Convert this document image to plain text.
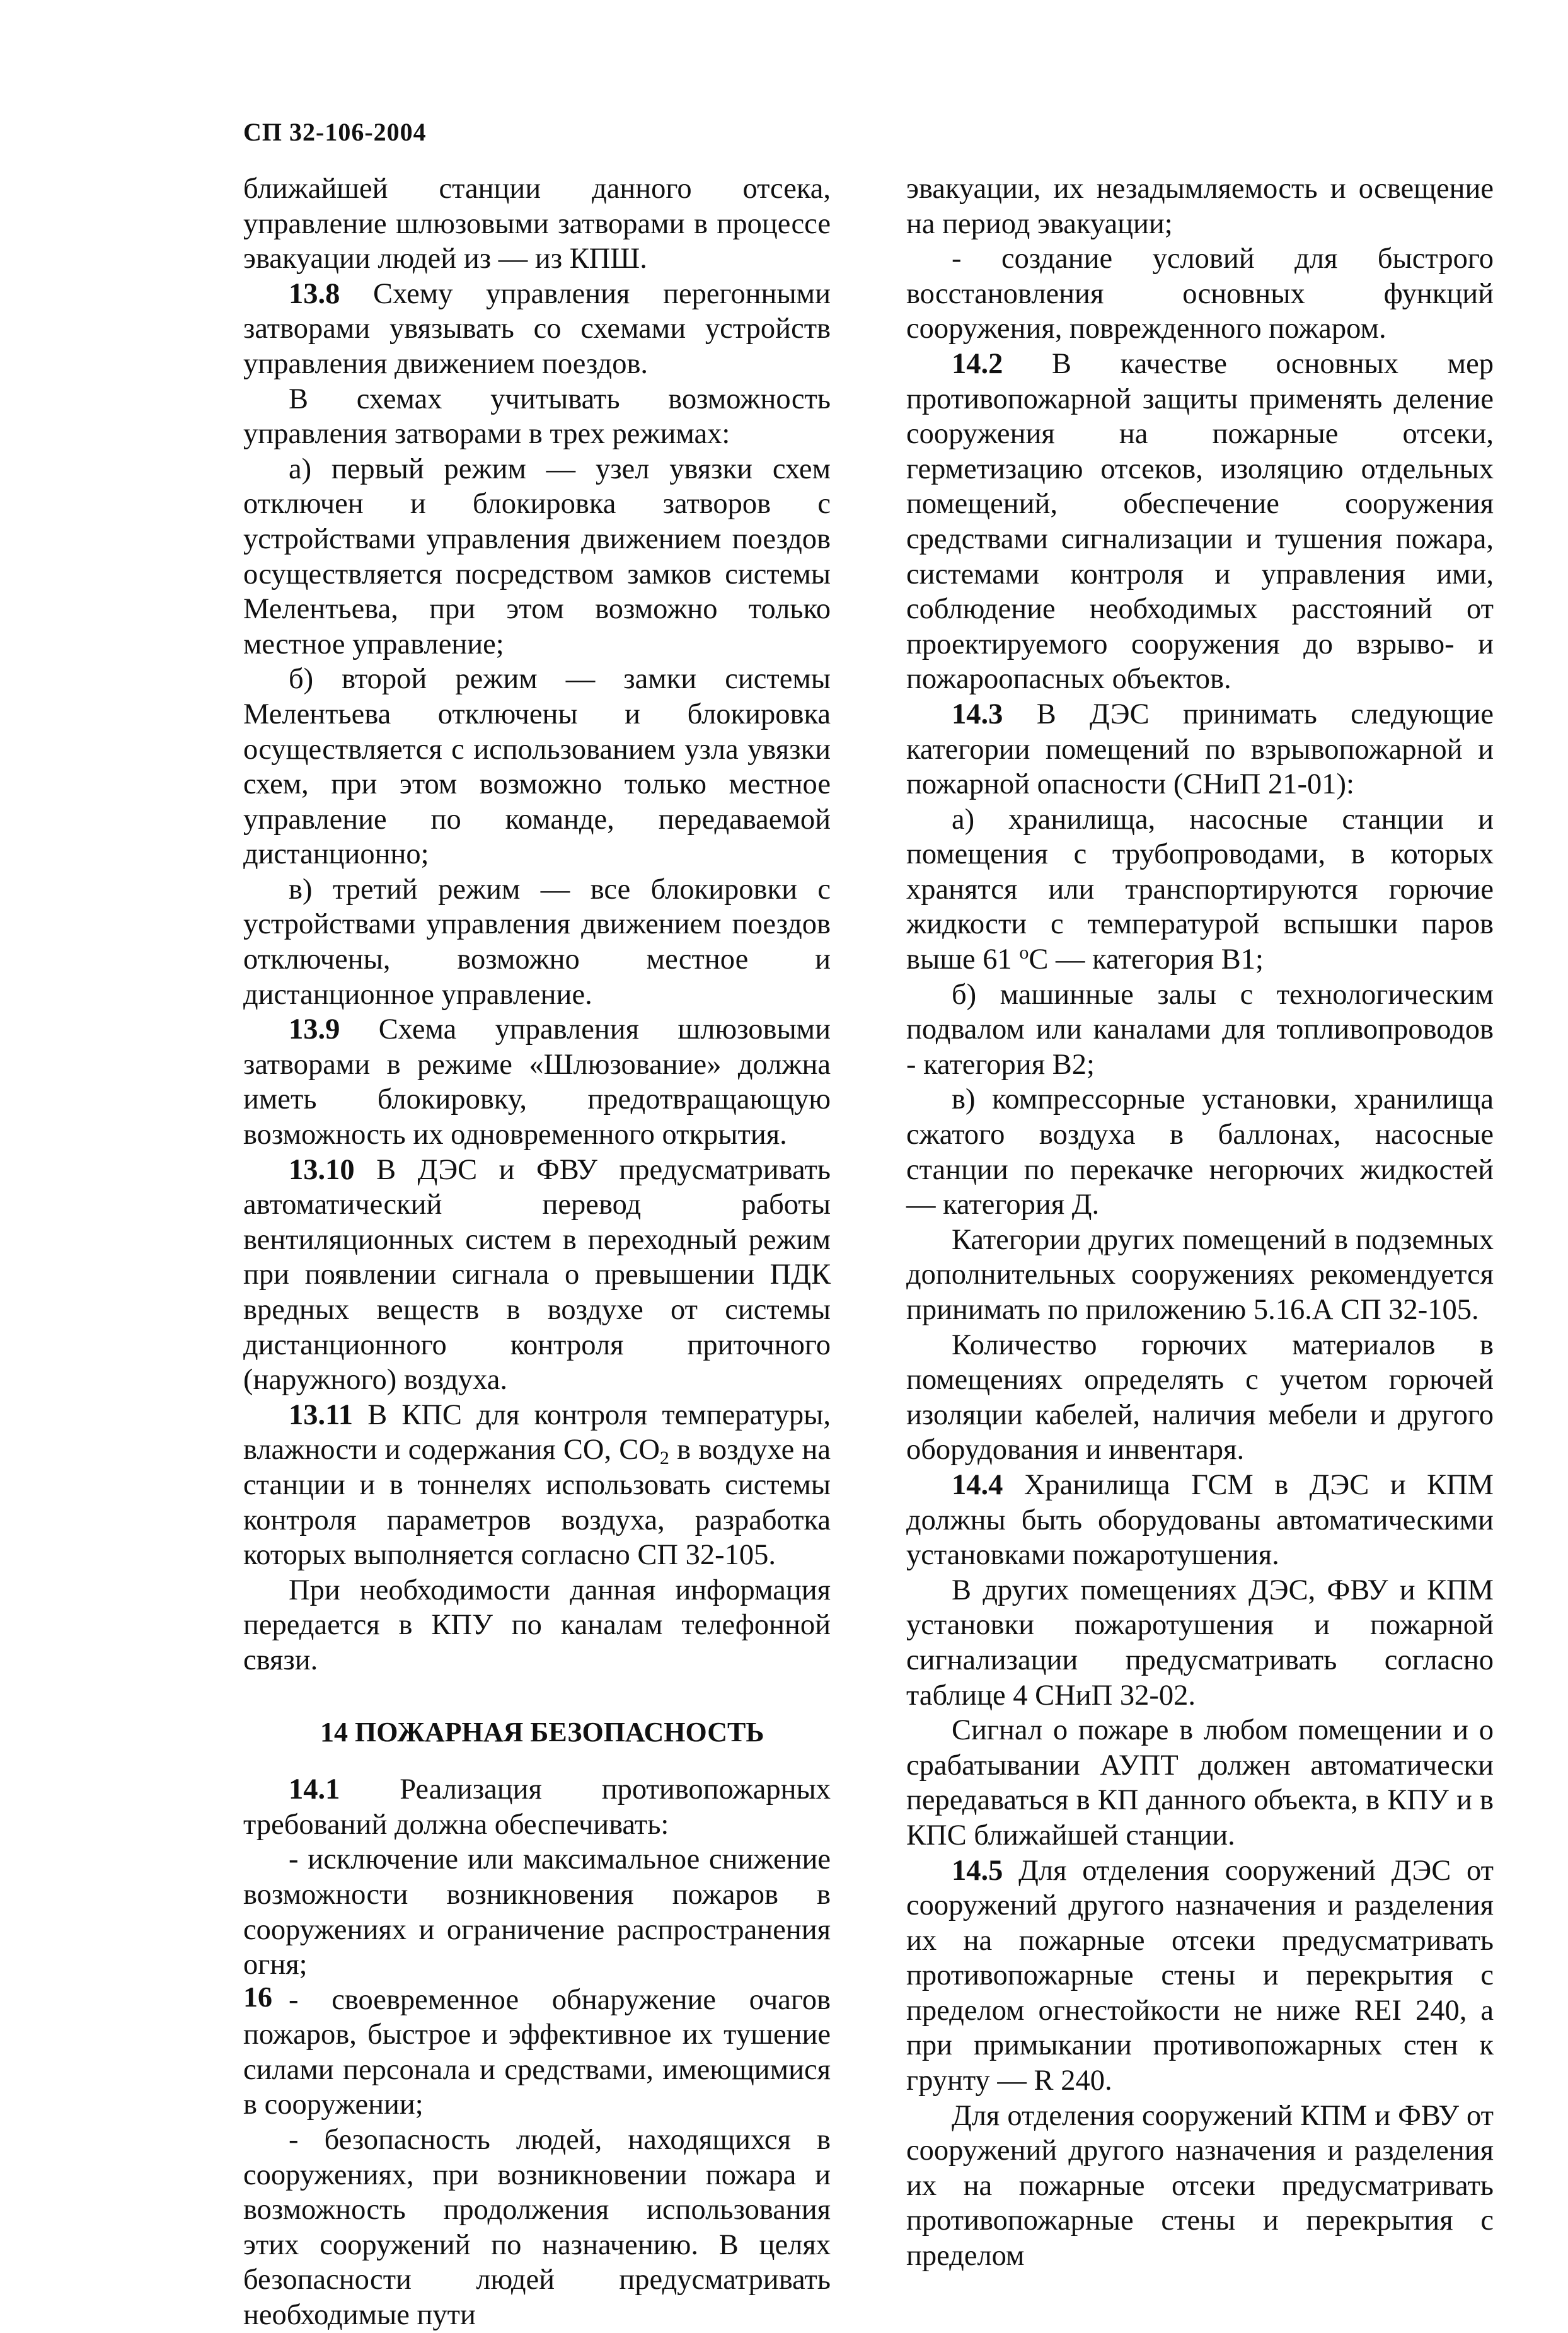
СП 32-106-2004

ближайшей станции данного отсека, управление шлюзовыми затворами в процессе эвакуации людей из — из КПШ.

13.8 Схему управления перегонными затворами увязывать со схемами устройств управления движением поездов.

В схемах учитывать возможность управления затворами в трех режимах:

а) первый режим — узел увязки схем отключен и блокировка затворов с устройствами управления движением поездов осуществляется посредством замков системы Мелентьева, при этом возможно только местное управление;

б) второй режим — замки системы Мелентьева отключены и блокировка осуществляется с использованием узла увязки схем, при этом возможно только местное управление по команде, передаваемой дистанционно;

в) третий режим — все блокировки с устройствами управления движением поездов отключены, возможно местное и дистанционное управление.

13.9 Схема управления шлюзовыми затворами в режиме «Шлюзование» должна иметь блокировку, предотвращающую возможность их одновременного открытия.

13.10 В ДЭС и ФВУ предусматривать автоматический перевод работы вентиляционных систем в переходный режим при появлении сигнала о превышении ПДК вредных веществ в воздухе от системы дистанционного контроля приточного (наружного) воздуха.

13.11 В КПС для контроля температуры, влажности и содержания СО, $СО_2$ в воздухе на станции и в тоннелях использовать системы контроля параметров воздуха, разработка которых выполняется согласно СП 32-105.

При необходимости данная информация передается в КПУ по каналам телефонной связи.

14 ПОЖАРНАЯ БЕЗОПАСНОСТЬ

14.1 Реализация противопожарных требований должна обеспечивать:

- исключение или максимальное снижение возможности возникновения пожаров в сооружениях и ограничение распространения огня;

- своевременное обнаружение очагов пожаров, быстрое и эффективное их тушение силами персонала и средствами, имеющимися в сооружении;

- безопасность людей, находящихся в сооружениях, при возникновении пожара и возможность продолжения использования этих сооружений по назначению. В целях безопасности людей предусматривать необходимые пути

эвакуации, их незадымляемость и освещение на период эвакуации;

- создание условий для быстрого восстановления основных функций сооружения, поврежденного пожаром.

14.2 В качестве основных мер противопожарной защиты применять деление сооружения на пожарные отсеки, герметизацию отсеков, изоляцию отдельных помещений, обеспечение сооружения средствами сигнализации и тушения пожара, системами контроля и управления ими, соблюдение необходимых расстояний от проектируемого сооружения до взрыво- и пожароопасных объектов.

14.3 В ДЭС принимать следующие категории помещений по взрывопожарной и пожарной опасности (СНиП 21-01):

а) хранилища, насосные станции и помещения с трубопроводами, в которых хранятся или транспортируются горючие жидкости с температурой вспышки паров выше 61 $^о$С — категория В1;

б) машинные залы с технологическим подвалом или каналами для топливопроводов - категория В2;

в) компрессорные установки, хранилища сжатого воздуха в баллонах, насосные станции по перекачке негорючих жидкостей — категория Д.

Категории других помещений в подземных дополнительных сооружениях рекомендуется принимать по приложению 5.16.А СП 32-105.

Количество горючих материалов в помещениях определять с учетом горючей изоляции кабелей, наличия мебели и другого оборудования и инвентаря.

14.4 Хранилища ГСМ в ДЭС и КПМ должны быть оборудованы автоматическими установками пожаротушения.

В других помещениях ДЭС, ФВУ и КПМ установки пожаротушения и пожарной сигнализации предусматривать согласно таблице 4 СНиП 32-02.

Сигнал о пожаре в любом помещении и о срабатывании АУПТ должен автоматически передаваться в КП данного объекта, в КПУ и в КПС ближайшей станции.

14.5 Для отделения сооружений ДЭС от сооружений другого назначения и разделения их на пожарные отсеки предусматривать противопожарные стены и перекрытия с пределом огнестойкости не ниже REI 240, а при примыкании противопожарных стен к грунту — R 240.

Для отделения сооружений КПМ и ФВУ от сооружений другого назначения и разделения их на пожарные отсеки предусматривать противопожарные стены и перекрытия с пределом

16
